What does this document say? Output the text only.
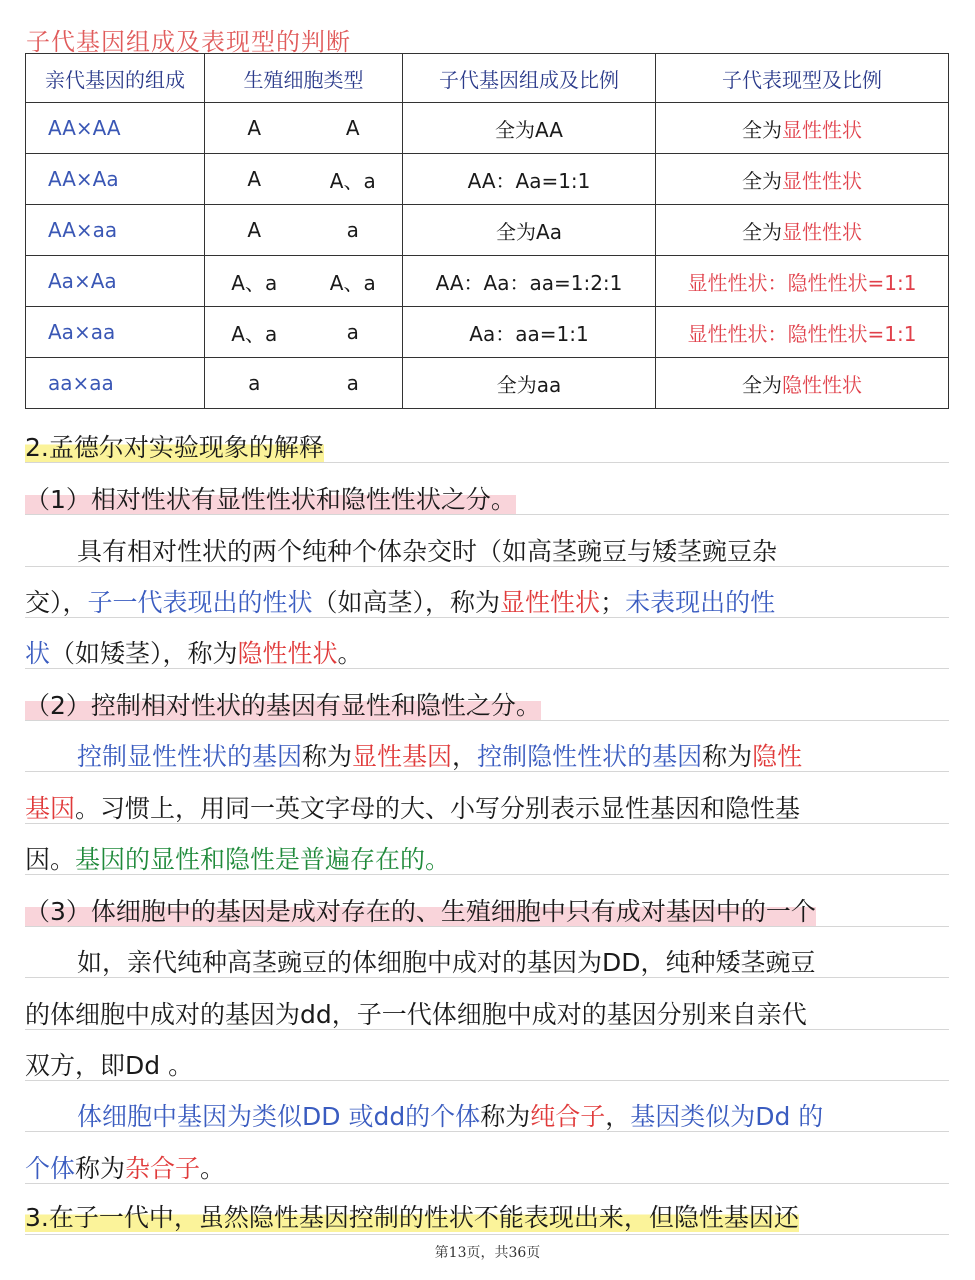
子代基因组成及表现型的判断
亲代基因的组成	生殖细胞类型		子代基因组成及比例	子代表现型及比例
AA×AA	A	A	全为AA	全为显性性状
AA×Aa	A	A、a	AA：Aa=1:1	全为显性性状
AA×aa	A	a	全为Aa	全为显性性状
Aa×Aa	A、a	A、a	AA：Aa：aa=1:2:1	显性性状：隐性性状=1:1
Aa×aa	A、a	a	Aa：aa=1:1	显性性状：隐性性状=1:1
aa×aa	a	a	全为aa	全为隐性性状
2.孟德尔对实验现象的解释
（1）相对性状有显性性状和隐性性状之分。
具有相对性状的两个纯种个体杂交时（如高茎豌豆与矮茎豌豆杂
交），子一代表现出的性状（如高茎），称为显性性状；未表现出的性
状（如矮茎），称为隐性性状。
（2）控制相对性状的基因有显性和隐性之分。
控制显性性状的基因称为显性基因，控制隐性性状的基因称为隐性
基因。习惯上，用同一英文字母的大、小写分别表示显性基因和隐性基
因。基因的显性和隐性是普遍存在的。
（3）体细胞中的基因是成对存在的、生殖细胞中只有成对基因中的一个
如，亲代纯种高茎豌豆的体细胞中成对的基因为DD，纯种矮茎豌豆
的体细胞中成对的基因为dd，子一代体细胞中成对的基因分别来自亲代
双方，即Dd 。
体细胞中基因为类似DD 或dd的个体称为纯合子，基因类似为Dd 的
个体称为杂合子。
3.在子一代中，虽然隐性基因控制的性状不能表现出来，但隐性基因还
第13页，共36页
